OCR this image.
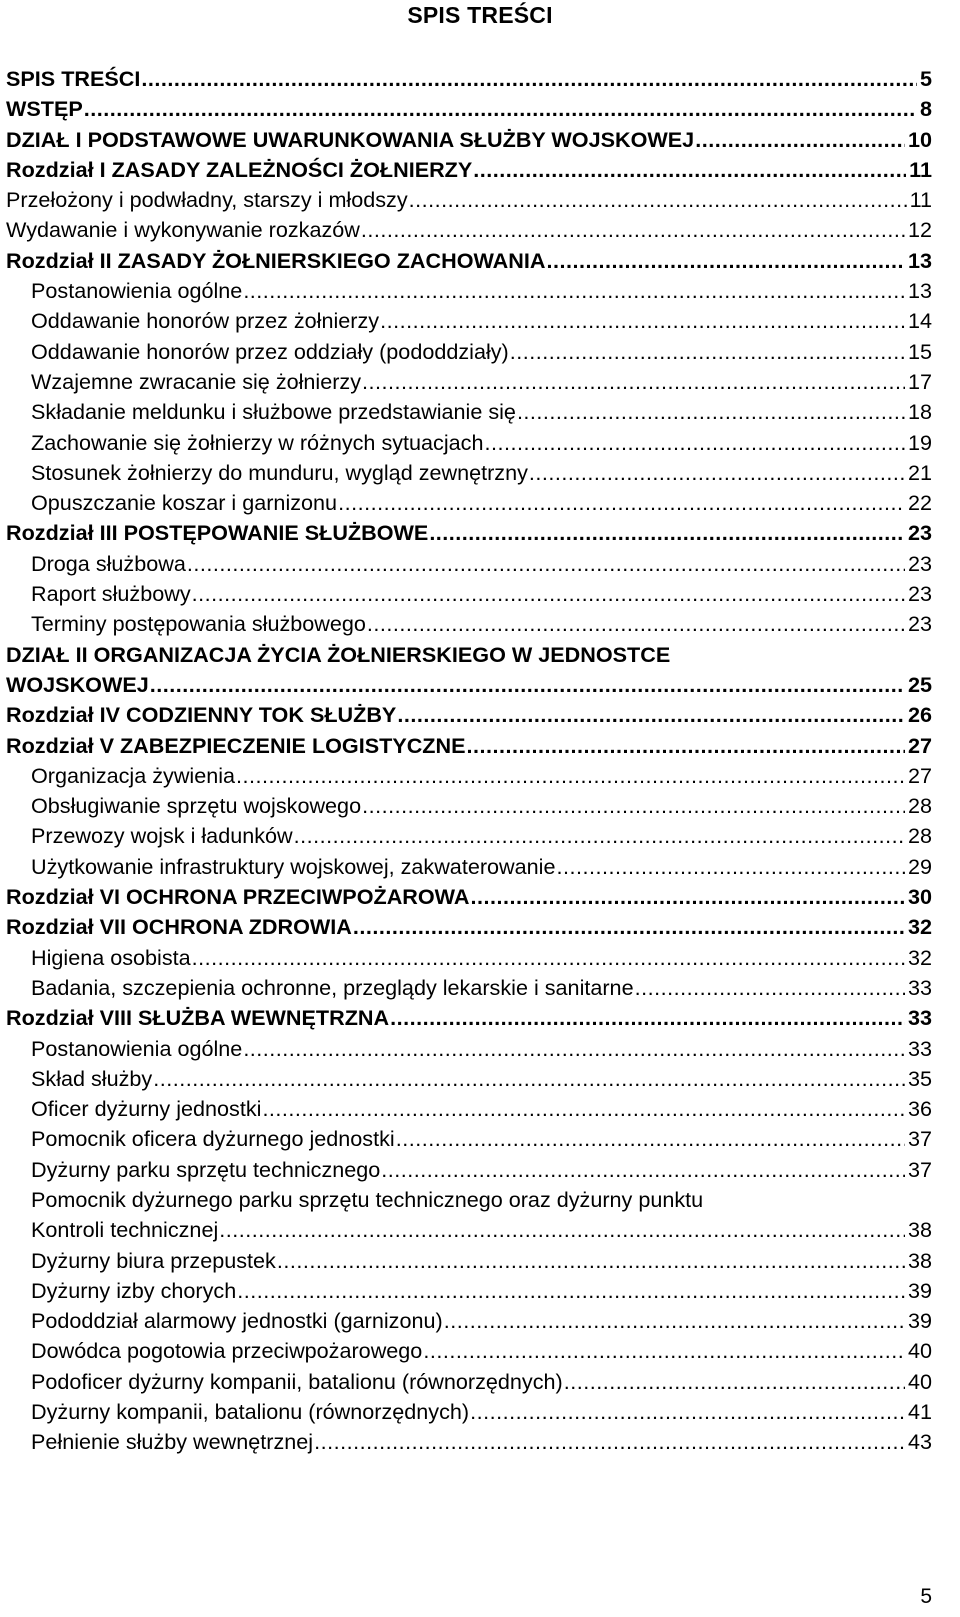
SPIS TREŚCI
SPIS TREŚCI .....	5
WSTĘP .....	8
DZIAŁ I PODSTAWOWE UWARUNKOWANIA SŁUŻBY WOJSKOWEJ .....	10
Rozdział I ZASADY ZALEŻNOŚCI ŻOŁNIERZY .....	11
Przełożony i podwładny, starszy i młodszy .....	11
Wydawanie i wykonywanie rozkazów .....	12
Rozdział II ZASADY ŻOŁNIERSKIEGO ZACHOWANIA .....	13
Postanowienia ogólne .....	13
Oddawanie honorów przez żołnierzy .....	14
Oddawanie honorów przez oddziały (pododdziały) .....	15
Wzajemne zwracanie się żołnierzy .....	17
Składanie meldunku i służbowe przedstawianie się .....	18
Zachowanie się żołnierzy w różnych sytuacjach .....	19
Stosunek żołnierzy do munduru, wygląd zewnętrzny .....	21
Opuszczanie koszar i garnizonu .....	22
Rozdział III POSTĘPOWANIE SŁUŻBOWE .....	23
Droga służbowa .....	23
Raport służbowy .....	23
Terminy postępowania służbowego .....	23
DZIAŁ II ORGANIZACJA ŻYCIA ŻOŁNIERSKIEGO W JEDNOSTCE
WOJSKOWEJ .....	25
Rozdział IV CODZIENNY TOK SŁUŻBY .....	26
Rozdział V ZABEZPIECZENIE LOGISTYCZNE .....	27
Organizacja żywienia .....	27
Obsługiwanie sprzętu wojskowego .....	28
Przewozy wojsk i ładunków .....	28
Użytkowanie infrastruktury wojskowej, zakwaterowanie .....	29
Rozdział VI OCHRONA PRZECIWPOŻAROWA .....	30
Rozdział VII OCHRONA ZDROWIA .....	32
Higiena osobista .....	32
Badania, szczepienia ochronne, przeglądy lekarskie i sanitarne .....	33
Rozdział VIII SŁUŻBA WEWNĘTRZNA .....	33
Postanowienia ogólne .....	33
Skład służby .....	35
Oficer dyżurny jednostki .....	36
Pomocnik oficera dyżurnego jednostki .....	37
Dyżurny parku sprzętu technicznego .....	37
Pomocnik dyżurnego parku sprzętu technicznego oraz dyżurny punktu
Kontroli technicznej .....	38
Dyżurny biura przepustek .....	38
Dyżurny izby chorych .....	39
Pododdział alarmowy jednostki (garnizonu) .....	39
Dowódca pogotowia przeciwpożarowego .....	40
Podoficer dyżurny kompanii, batalionu (równorzędnych) .....	40
Dyżurny kompanii, batalionu (równorzędnych) .....	41
Pełnienie służby wewnętrznej .....	43
5
